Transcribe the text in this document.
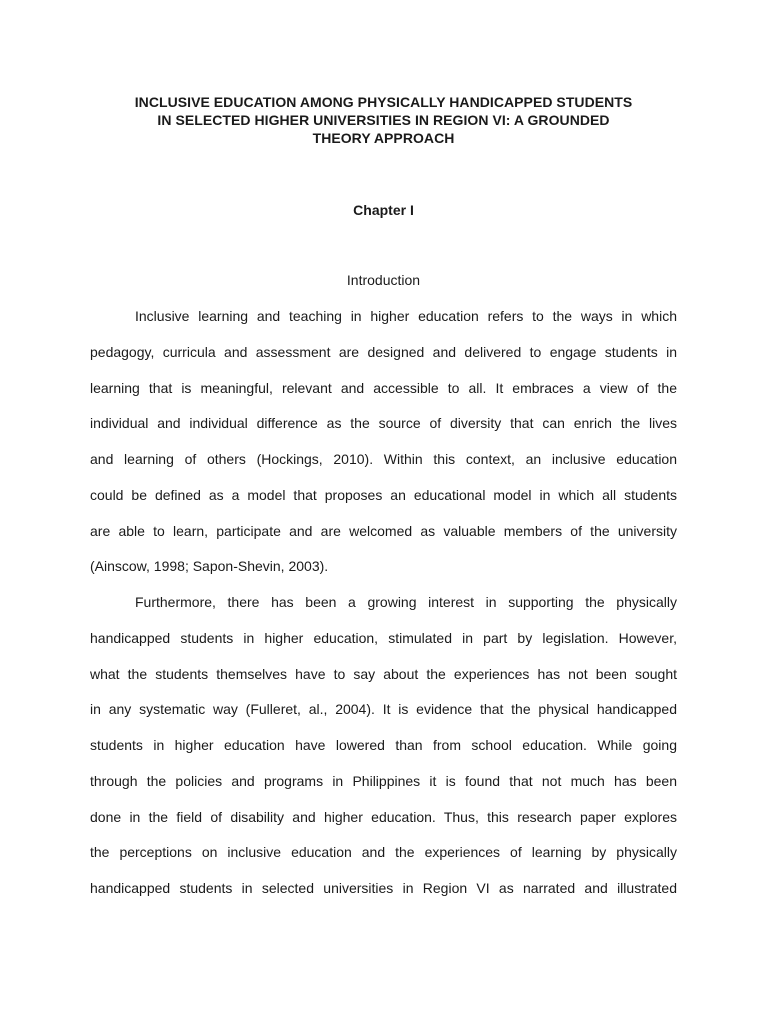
INCLUSIVE EDUCATION AMONG PHYSICALLY HANDICAPPED STUDENTS
IN SELECTED HIGHER UNIVERSITIES IN REGION VI: A GROUNDED
THEORY APPROACH
Chapter I
Introduction
Inclusive learning and teaching in higher education refers to the ways in which
pedagogy, curricula and assessment are designed and delivered to engage students in
learning that is meaningful, relevant and accessible to all. It embraces a view of the
individual and individual difference as the source of diversity that can enrich the lives
and learning of others (Hockings, 2010). Within this context, an inclusive education
could be defined as a model that proposes an educational model in which all students
are able to learn, participate and are welcomed as valuable members of the university
(Ainscow, 1998; Sapon-Shevin, 2003).
Furthermore, there has been a growing interest in supporting the physically
handicapped students in higher education, stimulated in part by legislation. However,
what the students themselves have to say about the experiences has not been sought
in any systematic way (Fulleret, al., 2004). It is evidence that the physical handicapped
students in higher education have lowered than from school education. While going
through the policies and programs in Philippines it is found that not much has been
done in the field of disability and higher education. Thus, this research paper explores
the perceptions on inclusive education and the experiences of learning by physically
handicapped students in selected universities in Region VI as narrated and illustrated
